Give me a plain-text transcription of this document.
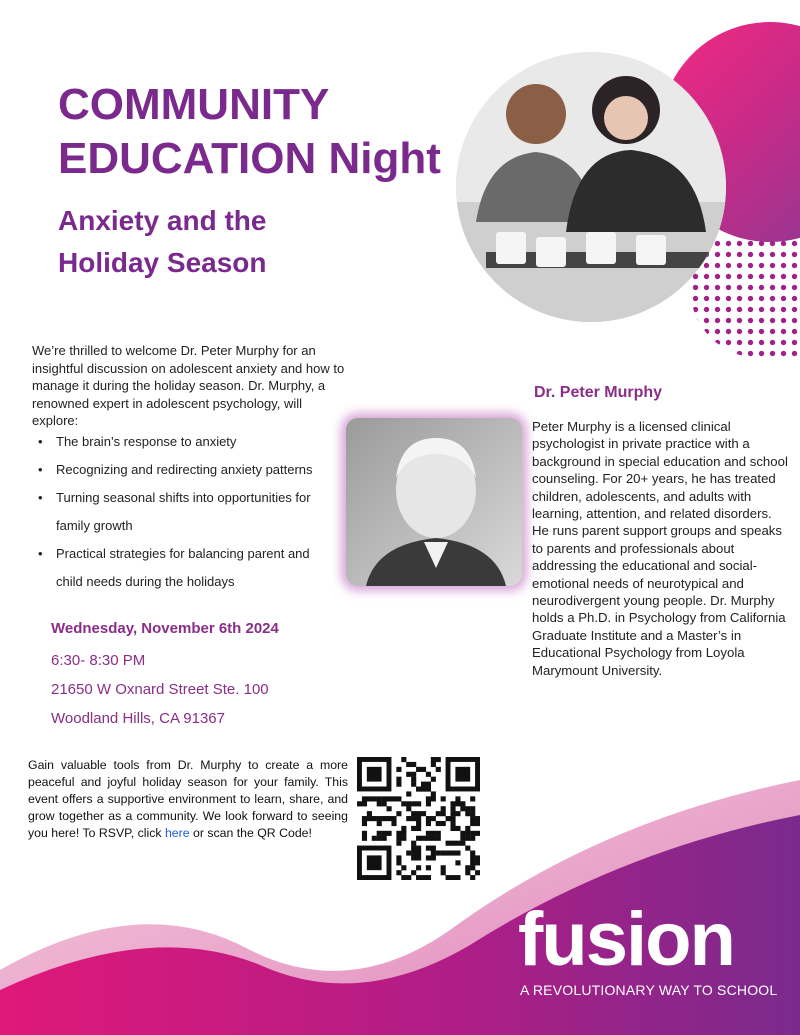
COMMUNITY
EDUCATION Night
Anxiety and the
Holiday Season

We’re thrilled to welcome Dr. Peter Murphy for an insightful discussion on adolescent anxiety and how to manage it during the holiday season. Dr. Murphy, a renowned expert in adolescent psychology, will explore:

• The brain’s response to anxiety
• Recognizing and redirecting anxiety patterns
• Turning seasonal shifts into opportunities for family growth
• Practical strategies for balancing parent and child needs during the holidays

Wednesday, November 6th 2024

6:30- 8:30 PM

21650 W Oxnard Street Ste. 100

Woodland Hills, CA 91367

Dr. Peter Murphy

Peter Murphy is a licensed clinical psychologist in private practice with a background in special education and school counseling. For 20+ years, he has treated children, adolescents, and adults with learning, attention, and related disorders. He runs parent support groups and speaks to parents and professionals about addressing the educational and social-emotional needs of neurotypical and neurodivergent young people. Dr. Murphy holds a Ph.D. in Psychology from California Graduate Institute and a Master’s in Educational Psychology from Loyola Marymount University.

Gain valuable tools from Dr. Murphy to create a more peaceful and joyful holiday season for your family. This event offers a supportive environment to learn, share, and grow together as a community. We look forward to seeing you here! To RSVP, click here or scan the QR Code!

fusion

A REVOLUTIONARY WAY TO SCHOOL
